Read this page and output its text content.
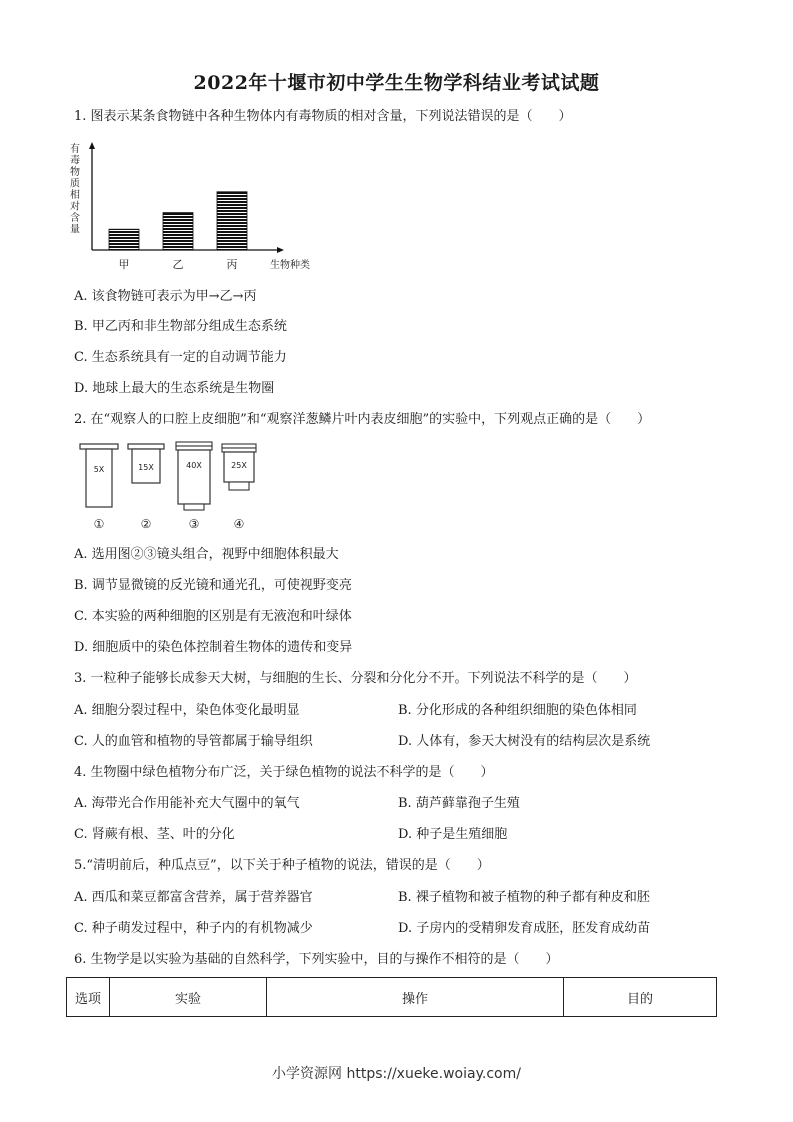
2022年十堰市初中学生生物学科结业考试试题
1. 图表示某条食物链中各种生物体内有毒物质的相对含量，下列说法错误的是（　　）
有毒物质相对含量
甲	乙	丙	生物种类
A. 该食物链可表示为甲→乙→丙
B. 甲乙丙和非生物部分组成生态系统
C. 生态系统具有一定的自动调节能力
D. 地球上最大的生态系统是生物圈
2. 在“观察人的口腔上皮细胞”和“观察洋葱鳞片叶内表皮细胞”的实验中，下列观点正确的是（　　）
5X
①
15X
②
40X
③
25X
④
A. 选用图②③镜头组合，视野中细胞体积最大
B. 调节显微镜的反光镜和通光孔，可使视野变亮
C. 本实验的两种细胞的区别是有无液泡和叶绿体
D. 细胞质中的染色体控制着生物体的遗传和变异
3. 一粒种子能够长成参天大树，与细胞的生长、分裂和分化分不开。下列说法不科学的是（　　）
A. 细胞分裂过程中，染色体变化最明显	B. 分化形成的各种组织细胞的染色体相同
C. 人的血管和植物的导管都属于输导组织	D. 人体有，参天大树没有的结构层次是系统
4. 生物圈中绿色植物分布广泛，关于绿色植物的说法不科学的是（　　）
A. 海带光合作用能补充大气圈中的氧气	B. 葫芦藓靠孢子生殖
C. 肾蕨有根、茎、叶的分化	D. 种子是生殖细胞
5.“清明前后，种瓜点豆”，以下关于种子植物的说法，错误的是（　　）
A. 西瓜和菜豆都富含营养，属于营养器官	B. 裸子植物和被子植物的种子都有种皮和胚
C. 种子萌发过程中，种子内的有机物减少	D. 子房内的受精卵发育成胚，胚发育成幼苗
6. 生物学是以实验为基础的自然科学，下列实验中，目的与操作不相符的是（　　）
选项	实验	操作	目的
小学资源网 https://xueke.woiay.com/
